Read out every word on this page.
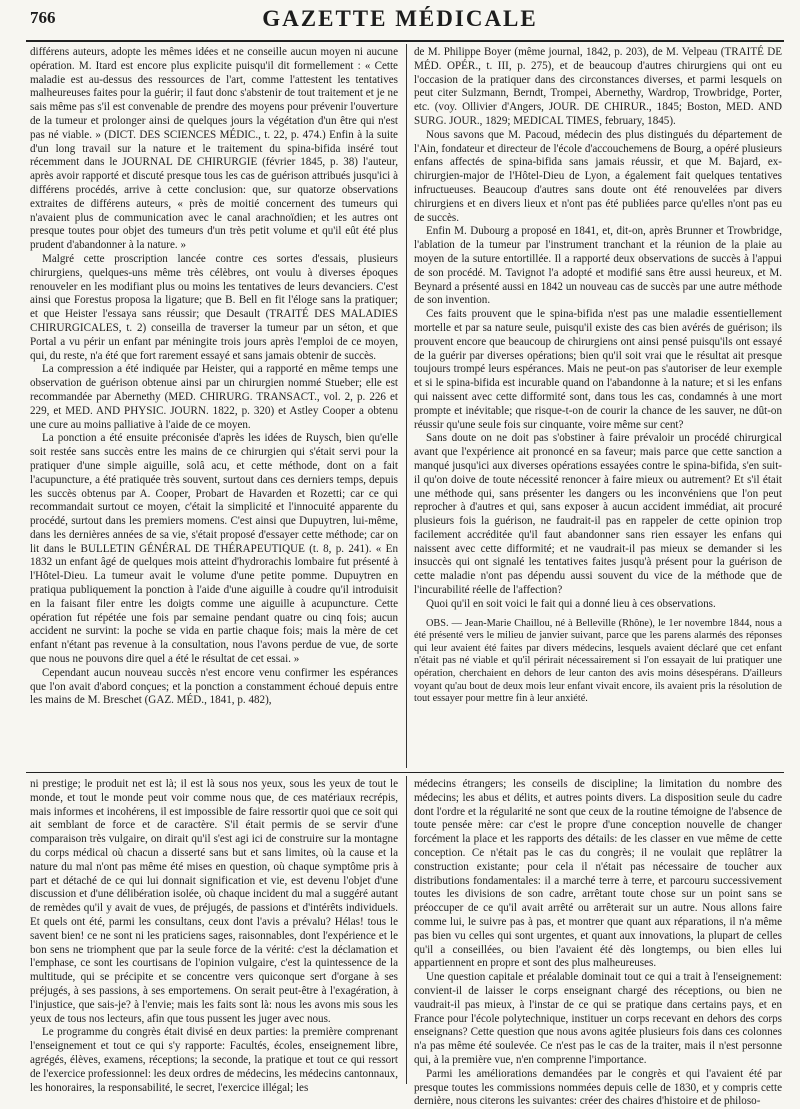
766	GAZETTE MÉDICALE

différens auteurs, adopte les mêmes idées et ne conseille aucun moyen ni aucune opération. M. Itard est encore plus explicite puisqu'il dit formellement : « Cette maladie est au-dessus des ressources de l'art, comme l'attestent les tentatives malheureuses faites pour la guérir; il faut donc s'abstenir de tout traitement et je ne sais même pas s'il est convenable de prendre des moyens pour prévenir l'ouverture de la tumeur et prolonger ainsi de quelques jours la végétation d'un être qui n'est pas né viable. » (DICT. DES SCIENCES MÉDIC., t. 22, p. 474.) Enfin à la suite d'un long travail sur la nature et le traitement du spina-bifida inséré tout récemment dans le JOURNAL DE CHIRURGIE (février 1845, p. 38) l'auteur, après avoir rapporté et discuté presque tous les cas de guérison attribués jusqu'ici à différens procédés, arrive à cette conclusion: que, sur quatorze observations extraites de différens auteurs, « près de moitié concernent des tumeurs qui n'avaient plus de communication avec le canal arachnoïdien; et les autres ont presque toutes pour objet des tumeurs d'un très petit volume et qu'il eût été plus prudent d'abandonner à la nature. »

Malgré cette proscription lancée contre ces sortes d'essais, plusieurs chirurgiens, quelques-uns même très célèbres, ont voulu à diverses époques renouveler en les modifiant plus ou moins les tentatives de leurs devanciers. C'est ainsi que Forestus proposa la ligature; que B. Bell en fit l'éloge sans la pratiquer; et que Heister l'essaya sans réussir; que Desault (TRAITÉ DES MALADIES CHIRURGICALES, t. 2) conseilla de traverser la tumeur par un séton, et que Portal a vu périr un enfant par méningite trois jours après l'emploi de ce moyen, qui, du reste, n'a été que fort rarement essayé et sans jamais obtenir de succès.

La compression a été indiquée par Heister, qui a rapporté en même temps une observation de guérison obtenue ainsi par un chirurgien nommé Stueber; elle est recommandée par Abernethy (MED. CHIRURG. TRANSACT., vol. 2, p. 226 et 229, et MED. AND PHYSIC. JOURN. 1822, p. 320) et Astley Cooper a obtenu une cure au moins palliative à l'aide de ce moyen.

La ponction a été ensuite préconisée d'après les idées de Ruysch, bien qu'elle soit restée sans succès entre les mains de ce chirurgien qui s'était servi pour la pratiquer d'une simple aiguille, solâ acu, et cette méthode, dont on a fait l'acupuncture, a été pratiquée très souvent, surtout dans ces derniers temps, depuis les succès obtenus par A. Cooper, Probart de Havarden et Rozetti; car ce qui recommandait surtout ce moyen, c'était la simplicité et l'innocuité apparente du procédé, surtout dans les premiers momens. C'est ainsi que Dupuytren, lui-même, dans les dernières années de sa vie, s'était proposé d'essayer cette méthode; car on lit dans le BULLETIN GÉNÉRAL DE THÉRAPEUTIQUE (t. 8, p. 241). « En 1832 un enfant âgé de quelques mois atteint d'hydrorachis lombaire fut présenté à l'Hôtel-Dieu. La tumeur avait le volume d'une petite pomme. Dupuytren en pratiqua publiquement la ponction à l'aide d'une aiguille à coudre qu'il introduisit en la faisant filer entre les doigts comme une aiguille à acupuncture. Cette opération fut répétée une fois par semaine pendant quatre ou cinq fois; aucun accident ne survint: la poche se vida en partie chaque fois; mais la mère de cet enfant n'étant pas revenue à la consultation, nous l'avons perdue de vue, de sorte que nous ne pouvons dire quel a été le résultat de cet essai. »

Cependant aucun nouveau succès n'est encore venu confirmer les espérances que l'on avait d'abord conçues; et la ponction a constamment échoué depuis entre les mains de M. Breschet (GAZ. MÉD., 1841, p. 482),

de M. Philippe Boyer (même journal, 1842, p. 203), de M. Velpeau (TRAITÉ DE MÉD. OPÉR., t. III, p. 275), et de beaucoup d'autres chirurgiens qui ont eu l'occasion de la pratiquer dans des circonstances diverses, et parmi lesquels on peut citer Sulzmann, Berndt, Trompei, Abernethy, Wardrop, Trowbridge, Porter, etc. (voy. Ollivier d'Angers, JOUR. DE CHIRUR., 1845; Boston, MED. AND SURG. JOUR., 1829; MEDICAL TIMES, february, 1845).

Nous savons que M. Pacoud, médecin des plus distingués du département de l'Ain, fondateur et directeur de l'école d'accouchemens de Bourg, a opéré plusieurs enfans affectés de spina-bifida sans jamais réussir, et que M. Bajard, ex-chirurgien-major de l'Hôtel-Dieu de Lyon, a également fait quelques tentatives infructueuses. Beaucoup d'autres sans doute ont été renouvelées par divers chirurgiens et en divers lieux et n'ont pas été publiées parce qu'elles n'ont pas eu de succès.

Enfin M. Dubourg a proposé en 1841, et, dit-on, après Brunner et Trowbridge, l'ablation de la tumeur par l'instrument tranchant et la réunion de la plaie au moyen de la suture entortillée. Il a rapporté deux observations de succès à l'appui de son procédé. M. Tavignot l'a adopté et modifié sans être aussi heureux, et M. Beynard a présenté aussi en 1842 un nouveau cas de succès par une autre méthode de son invention.

Ces faits prouvent que le spina-bifida n'est pas une maladie essentiellement mortelle et par sa nature seule, puisqu'il existe des cas bien avérés de guérison; ils prouvent encore que beaucoup de chirurgiens ont ainsi pensé puisqu'ils ont essayé de la guérir par diverses opérations; bien qu'il soit vrai que le résultat ait presque toujours trompé leurs espérances. Mais ne peut-on pas s'autoriser de leur exemple et si le spina-bifida est incurable quand on l'abandonne à la nature; et si les enfans qui naissent avec cette difformité sont, dans tous les cas, condamnés à une mort prompte et inévitable; que risque-t-on de courir la chance de les sauver, ne dût-on réussir qu'une seule fois sur cinquante, voire même sur cent?

Sans doute on ne doit pas s'obstiner à faire prévaloir un procédé chirurgical avant que l'expérience ait prononcé en sa faveur; mais parce que cette sanction a manqué jusqu'ici aux diverses opérations essayées contre le spina-bifida, s'en suit-il qu'on doive de toute nécessité renoncer à faire mieux ou autrement? Et s'il était une méthode qui, sans présenter les dangers ou les inconvéniens que l'on peut reprocher à d'autres et qui, sans exposer à aucun accident immédiat, ait procuré plusieurs fois la guérison, ne faudrait-il pas en rappeler de cette opinion trop facilement accréditée qu'il faut abandonner sans rien essayer les enfans qui naissent avec cette difformité; et ne vaudrait-il pas mieux se demander si les insuccès qui ont signalé les tentatives faites jusqu'à présent pour la guérison de cette maladie n'ont pas dépendu aussi souvent du vice de la méthode que de l'incurabilité réelle de l'affection?

Quoi qu'il en soit voici le fait qui a donné lieu à ces observations.

OBS. — Jean-Marie Chaillou, né à Belleville (Rhône), le 1er novembre 1844, nous a été présenté vers le milieu de janvier suivant, parce que les parens alarmés des réponses qui leur avaient été faites par divers médecins, lesquels avaient déclaré que cet enfant n'était pas né viable et qu'il périrait nécessairement si l'on essayait de lui pratiquer une opération, cherchaient en dehors de leur canton des avis moins désespérans. D'ailleurs voyant qu'au bout de deux mois leur enfant vivait encore, ils avaient pris la résolution de tout essayer pour mettre fin à leur anxiété.

ni prestige; le produit net est là; il est là sous nos yeux, sous les yeux de tout le monde, et tout le monde peut voir comme nous que, de ces matériaux recrépis, mais informes et incohérens, il est impossible de faire ressortir quoi que ce soit qui ait semblant de force et de caractère. S'il était permis de se servir d'une comparaison très vulgaire, on dirait qu'il s'est agi ici de construire sur la montagne du corps médical où chacun a disserté sans but et sans limites, où la cause et la nature du mal n'ont pas même été mises en question, où chaque symptôme pris à part et détaché de ce qui lui donnait signification et vie, est devenu l'objet d'une discussion et d'une délibération isolée, où chaque incident du mal a suggéré autant de remèdes qu'il y avait de vues, de préjugés, de passions et d'intérêts individuels. Et quels ont été, parmi les consultans, ceux dont l'avis a prévalu? Hélas! tous le savent bien! ce ne sont ni les praticiens sages, raisonnables, dont l'expérience et le bon sens ne triomphent que par la seule force de la vérité: c'est la déclamation et l'emphase, ce sont les courtisans de l'opinion vulgaire, c'est la quintessence de la multitude, qui se précipite et se concentre vers quiconque sert d'organe à ses préjugés, à ses passions, à ses emportemens. On serait peut-être à l'exagération, à l'injustice, que sais-je? à l'envie; mais les faits sont là: nous les avons mis sous les yeux de tous nos lecteurs, afin que tous pussent les juger avec nous.

Le programme du congrès était divisé en deux parties: la première comprenant l'enseignement et tout ce qui s'y rapporte: Facultés, écoles, enseignement libre, agrégés, élèves, examens, réceptions; la seconde, la pratique et tout ce qui ressort de l'exercice professionnel: les deux ordres de médecins, les médecins cantonnaux, les honoraires, la responsabilité, le secret, l'exercice illégal; les

médecins étrangers; les conseils de discipline; la limitation du nombre des médecins; les abus et délits, et autres points divers. La disposition seule du cadre dont l'ordre et la régularité ne sont que ceux de la routine témoigne de l'absence de toute pensée mère: car c'est le propre d'une conception nouvelle de changer forcément la place et les rapports des détails: de les classer en vue même de cette conception. Ce n'était pas le cas du congrès; il ne voulait que replâtrer la construction existante; pour cela il n'était pas nécessaire de toucher aux distributions fondamentales: il a marché terre à terre, et parcouru successivement toutes les divisions de son cadre, arrêtant toute chose sur un point sans se préoccuper de ce qu'il avait arrêté ou arrêterait sur un autre. Nous allons faire comme lui, le suivre pas à pas, et montrer que quant aux réparations, il n'a même pas bien vu celles qui sont urgentes, et quant aux innovations, la plupart de celles qu'il a conseillées, ou bien l'avaient été dès longtemps, ou bien elles lui appartiennent en propre et sont des plus malheureuses.

Une question capitale et préalable dominait tout ce qui a trait à l'enseignement: convient-il de laisser le corps enseignant chargé des réceptions, ou bien ne vaudrait-il pas mieux, à l'instar de ce qui se pratique dans certains pays, et en France pour l'école polytechnique, instituer un corps recevant en dehors des corps enseignans? Cette question que nous avons agitée plusieurs fois dans ces colonnes n'a pas même été soulevée. Ce n'est pas le cas de la traiter, mais il n'est personne qui, à la première vue, n'en comprenne l'importance.

Parmi les améliorations demandées par le congrès et qui l'avaient été par presque toutes les commissions nommées depuis celle de 1830, et y compris cette dernière, nous citerons les suivantes: créer des chaires d'histoire et de philoso-
